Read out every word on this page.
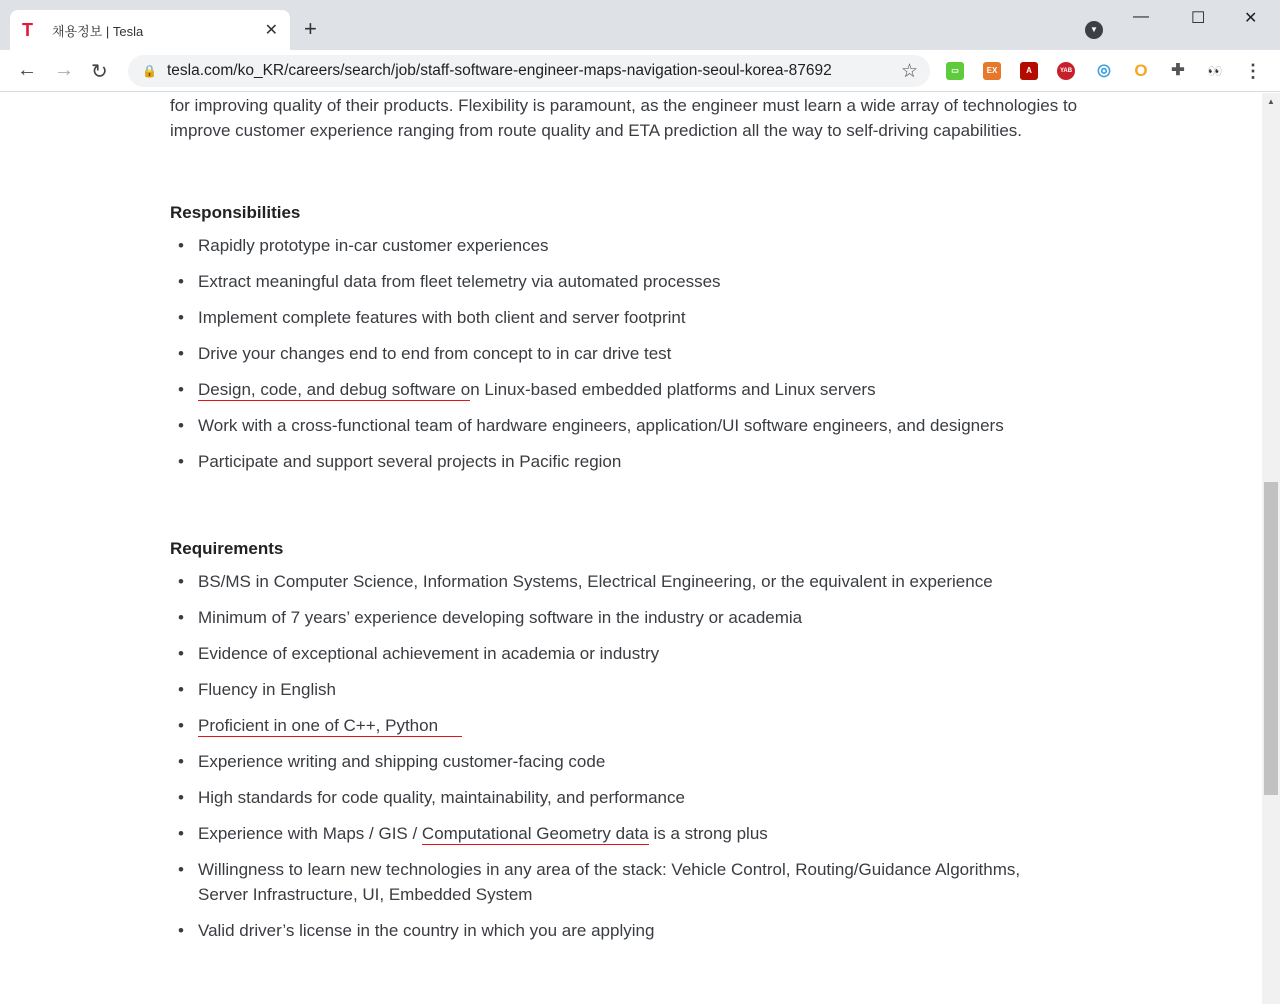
T	채용정보 | Tesla	✕ +	▼
—	☐ ✕
← → ↻	🔒 tesla.com/ko_KR/careers/search/job/staff-software-engineer-maps-navigation-seoul-korea-87692	☆	▭	EX	A	YAB ◎ O ✚ 👀 ⋮
for improving quality of their products. Flexibility is paramount, as the engineer must learn a wide array of technologies to improve customer experience ranging from route quality and ETA prediction all the way to self-driving capabilities.
Responsibilities
• Rapidly prototype in-car customer experiences
• Extract meaningful data from fleet telemetry via automated processes
• Implement complete features with both client and server footprint
• Drive your changes end to end from concept to in car drive test
• Design, code, and debug software on Linux-based embedded platforms and Linux servers
• Work with a cross-functional team of hardware engineers, application/UI software engineers, and designers
• Participate and support several projects in Pacific region
Requirements
• BS/MS in Computer Science, Information Systems, Electrical Engineering, or the equivalent in experience
• Minimum of 7 years’ experience developing software in the industry or academia
• Evidence of exceptional achievement in academia or industry
• Fluency in English
• Proficient in one of C++, Python
• Experience writing and shipping customer-facing code
• High standards for code quality, maintainability, and performance
• Experience with Maps / GIS / Computational Geometry data is a strong plus
• Willingness to learn new technologies in any area of the stack: Vehicle Control, Routing/Guidance Algorithms, Server Infrastructure, UI, Embedded System
• Valid driver’s license in the country in which you are applying
▲
